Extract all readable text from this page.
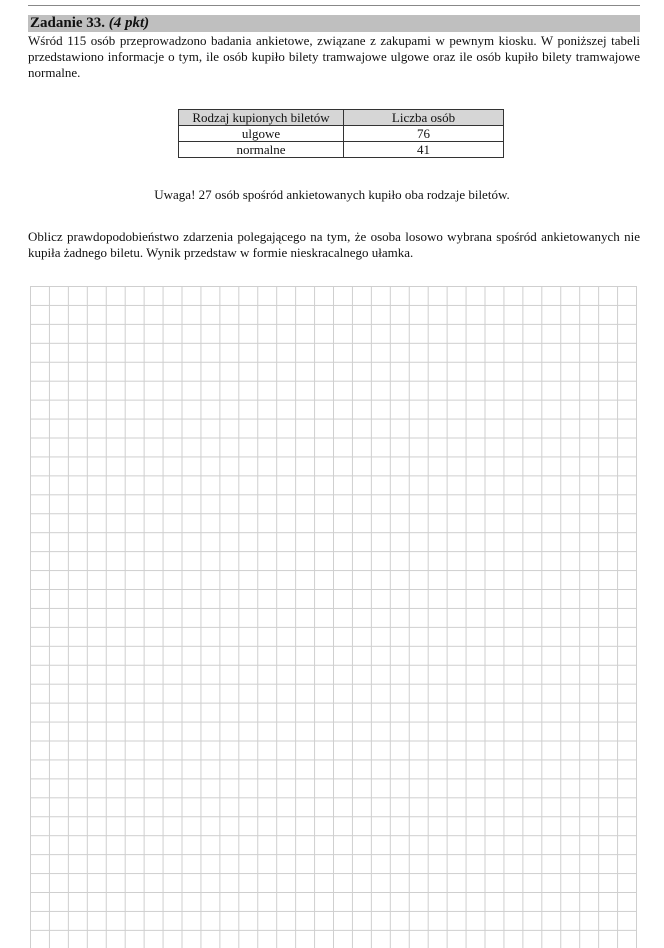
Zadanie 33. (4 pkt)
Wśród 115 osób przeprowadzono badania ankietowe, związane z zakupami w pewnym kiosku. W poniższej tabeli przedstawiono informacje o tym, ile osób kupiło bilety tramwajowe ulgowe oraz ile osób kupiło bilety tramwajowe normalne.
Rodzaj kupionych biletów	Liczba osób
ulgowe	76
normalne	41
Uwaga! 27 osób spośród ankietowanych kupiło oba rodzaje biletów.
Oblicz prawdopodobieństwo zdarzenia polegającego na tym, że osoba losowo wybrana spośród ankietowanych nie kupiła żadnego biletu. Wynik przedstaw w formie nieskracalnego ułamka.
